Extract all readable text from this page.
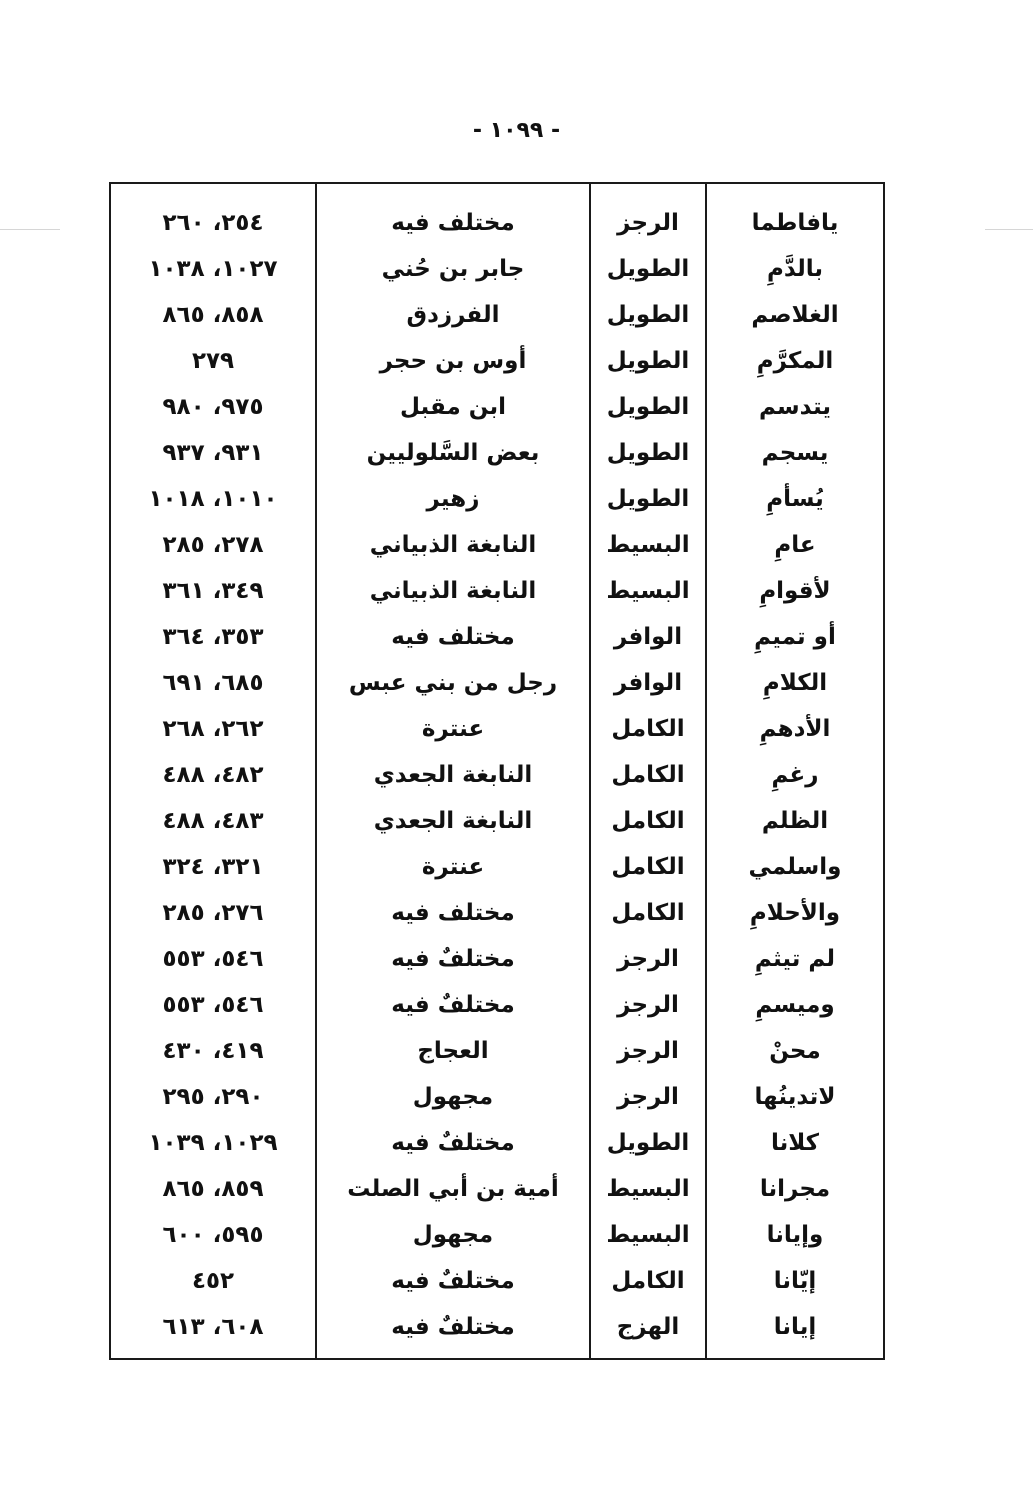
- ١٠٩٩ -
يافاطما	الرجز	مختلف فيه	٢٥٤، ٢٦٠
بالدَّمِ	الطويل	جابر بن حُني	١٠٢٧، ١٠٣٨
الغلاصم	الطويل	الفرزدق	٨٥٨، ٨٦٥
المكرَّمِ	الطويل	أوس بن حجر	٢٧٩
يتدسم	الطويل	ابن مقبل	٩٧٥، ٩٨٠
يسجم	الطويل	بعض السَّلوليين	٩٣١، ٩٣٧
يُسأمِ	الطويل	زهير	١٠١٠، ١٠١٨
عامِ	البسيط	النابغة الذبياني	٢٧٨، ٢٨٥
لأقوامِ	البسيط	النابغة الذبياني	٣٤٩، ٣٦١
أو تميمِ	الوافر	مختلف فيه	٣٥٣، ٣٦٤
الكلامِ	الوافر	رجل من بني عبس	٦٨٥، ٦٩١
الأدهمِ	الكامل	عنترة	٢٦٢، ٢٦٨
رغمِ	الكامل	النابغة الجعدي	٤٨٢، ٤٨٨
الظلم	الكامل	النابغة الجعدي	٤٨٣، ٤٨٨
واسلمي	الكامل	عنترة	٣٢١، ٣٢٤
والأحلامِ	الكامل	مختلف فيه	٢٧٦، ٢٨٥
لم تيثمِ	الرجز	مختلفٌ فيه	٥٤٦، ٥٥٣
وميسمِ	الرجز	مختلفٌ فيه	٥٤٦، ٥٥٣
محنْ	الرجز	العجاج	٤١٩، ٤٣٠
لاتدينُها	الرجز	مجهول	٢٩٠، ٢٩٥
كلانا	الطويل	مختلفٌ فيه	١٠٢٩، ١٠٣٩
مجرانا	البسيط	أمية بن أبي الصلت	٨٥٩، ٨٦٥
وإيانا	البسيط	مجهول	٥٩٥، ٦٠٠
إيّانا	الكامل	مختلفٌ فيه	٤٥٢
إيانا	الهزج	مختلفٌ فيه	٦٠٨، ٦١٣
